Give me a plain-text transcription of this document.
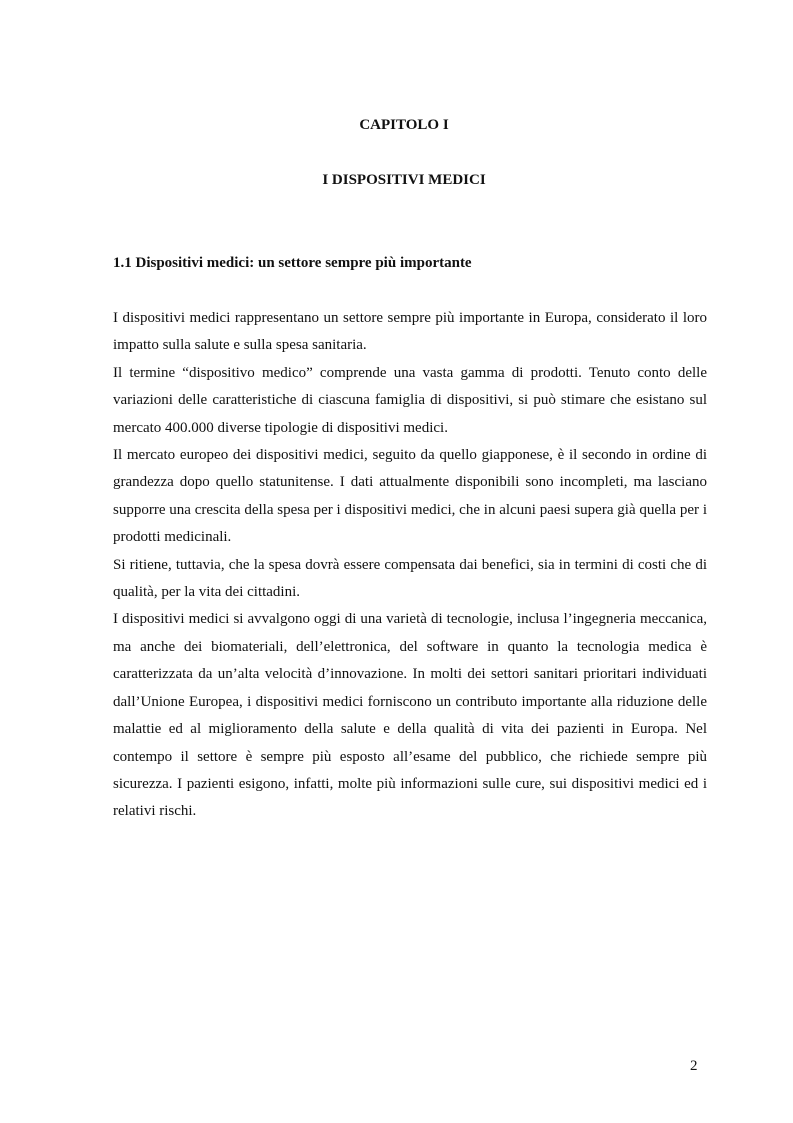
CAPITOLO I
I DISPOSITIVI MEDICI
1.1 Dispositivi medici: un settore sempre più importante

I dispositivi medici rappresentano un settore sempre più importante in Europa, considerato il loro impatto sulla salute e sulla spesa sanitaria.

Il termine “dispositivo medico” comprende una vasta gamma di prodotti. Tenuto conto delle variazioni delle caratteristiche di ciascuna famiglia di dispositivi, si può stimare che esistano sul mercato 400.000 diverse tipologie di dispositivi medici.

Il mercato europeo dei dispositivi medici, seguito da quello giapponese, è il secondo in ordine di grandezza dopo quello statunitense. I dati attualmente disponibili sono incompleti, ma lasciano supporre una crescita della spesa per i dispositivi medici, che in alcuni paesi supera già quella per i prodotti medicinali.

Si ritiene, tuttavia, che la spesa dovrà essere compensata dai benefici, sia in termini di costi che di qualità, per la vita dei cittadini.

I dispositivi medici si avvalgono oggi di una varietà di tecnologie, inclusa l’ingegneria meccanica, ma anche dei biomateriali, dell’elettronica, del software in quanto la tecnologia medica è caratterizzata da un’alta velocità d’innovazione. In molti dei settori sanitari prioritari individuati dall’Unione Europea, i dispositivi medici forniscono un contributo importante alla riduzione delle malattie ed al miglioramento della salute e della qualità di vita dei pazienti in Europa. Nel contempo il settore è sempre più esposto all’esame del pubblico, che richiede sempre più sicurezza. I pazienti esigono, infatti, molte più informazioni sulle cure, sui dispositivi medici ed i relativi rischi.

2
